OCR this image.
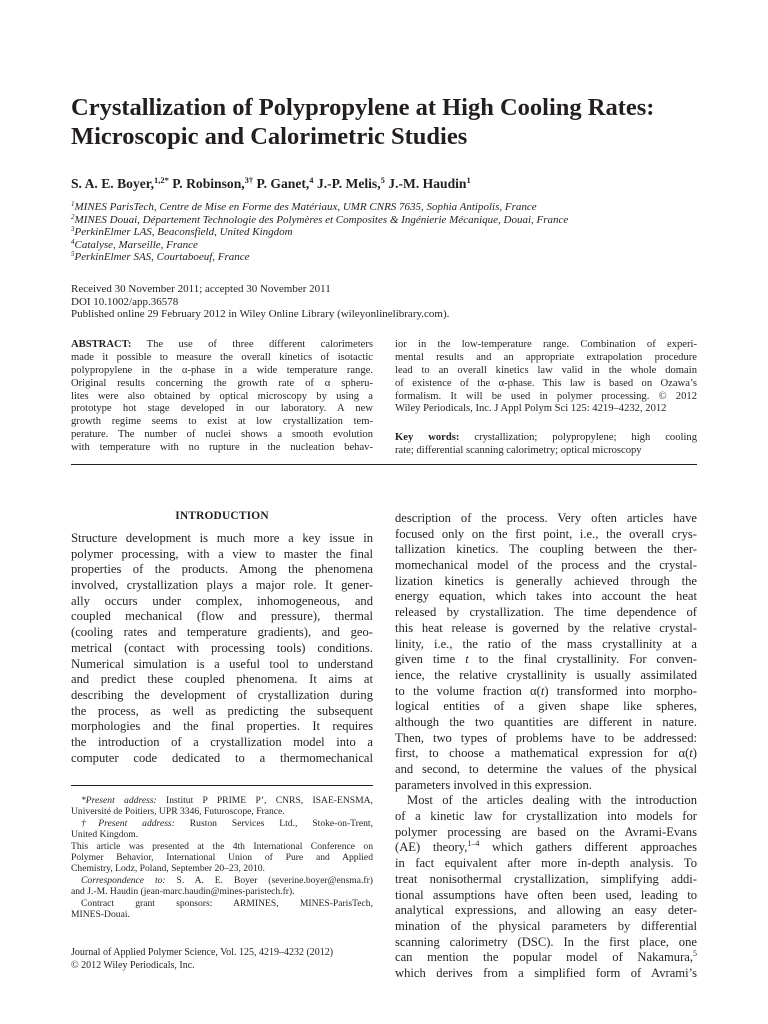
Crystallization of Polypropylene at High Cooling Rates:
Microscopic and Calorimetric Studies
S. A. E. Boyer,$^{1,2*}$ P. Robinson,$^{3\dagger}$ P. Ganet,$^4$ J.-P. Melis,$^5$ J.-M. Haudin$^1$
$^1$MINES ParisTech, Centre de Mise en Forme des Matériaux, UMR CNRS 7635, Sophia Antipolis, France
$^2$MINES Douai, Département Technologie des Polymères et Composites & Ingénierie Mécanique, Douai, France
$^3$PerkinElmer LAS, Beaconsfield, United Kingdom
$^4$Catalyse, Marseille, France
$^5$PerkinElmer SAS, Courtaboeuf, France
Received 30 November 2011; accepted 30 November 2011
DOI 10.1002/app.36578
Published online 29 February 2012 in Wiley Online Library (wileyonlinelibrary.com).
ABSTRACT: The use of three different calorimeters
made it possible to measure the overall kinetics of isotactic
polypropylene in the α-phase in a wide temperature range.
Original results concerning the growth rate of α spheru-
lites were also obtained by optical microscopy by using a
prototype hot stage developed in our laboratory. A new
growth regime seems to exist at low crystallization tem-
perature. The number of nuclei shows a smooth evolution
with temperature with no rupture in the nucleation behav-
ior in the low-temperature range. Combination of experi-
mental results and an appropriate extrapolation procedure
lead to an overall kinetics law valid in the whole domain
of existence of the α-phase. This law is based on Ozawa’s
formalism. It will be used in polymer processing. © 2012
Wiley Periodicals, Inc. J Appl Polym Sci 125: 4219–4232, 2012
Key words: crystallization; polypropylene; high cooling
rate; differential scanning calorimetry; optical microscopy
INTRODUCTION
Structure development is much more a key issue in
polymer processing, with a view to master the final
properties of the products. Among the phenomena
involved, crystallization plays a major role. It gener-
ally occurs under complex, inhomogeneous, and
coupled mechanical (flow and pressure), thermal
(cooling rates and temperature gradients), and geo-
metrical (contact with processing tools) conditions.
Numerical simulation is a useful tool to understand
and predict these coupled phenomena. It aims at
describing the development of crystallization during
the process, as well as predicting the subsequent
morphologies and the final properties. It requires
the introduction of a crystallization model into a
computer code dedicated to a thermomechanical
description of the process. Very often articles have
focused only on the first point, i.e., the overall crys-
tallization kinetics. The coupling between the ther-
momechanical model of the process and the crystal-
lization kinetics is generally achieved through the
energy equation, which takes into account the heat
released by crystallization. The time dependence of
this heat release is governed by the relative crystal-
linity, i.e., the ratio of the mass crystallinity at a
given time t to the final crystallinity. For conven-
ience, the relative crystallinity is usually assimilated
to the volume fraction α(t) transformed into morpho-
logical entities of a given shape like spheres,
although the two quantities are different in nature.
Then, two types of problems have to be addressed:
first, to choose a mathematical expression for α(t)
and second, to determine the values of the physical
parameters involved in this expression.
Most of the articles dealing with the introduction
of a kinetic law for crystallization into models for
polymer processing are based on the Avrami-Evans
(AE) theory,$^{1-4}$ which gathers different approaches
in fact equivalent after more in-depth analysis. To
treat nonisothermal crystallization, simplifying addi-
tional assumptions have often been used, leading to
analytical expressions, and allowing an easy deter-
mination of the physical parameters by differential
scanning calorimetry (DSC). In the first place, one
can mention the popular model of Nakamura,$^5$
which derives from a simplified form of Avrami’s
*Present address: Institut P PRIME P’, CNRS, ISAE-ENSMA,
Université de Poitiers, UPR 3346, Futuroscope, France.
†Present address: Ruston Services Ltd., Stoke-on-Trent,
United Kingdom.
This article was presented at the 4th International Conference on
Polymer Behavior, International Union of Pure and Applied
Chemistry, Lodz, Poland, September 20–23, 2010.
Correspondence to: S. A. E. Boyer (severine.boyer@ensma.fr)
and J.-M. Haudin (jean-marc.haudin@mines-paristech.fr).
Contract grant sponsors: ARMINES, MINES-ParisTech,
MINES-Douai.
Journal of Applied Polymer Science, Vol. 125, 4219–4232 (2012)
© 2012 Wiley Periodicals, Inc.
